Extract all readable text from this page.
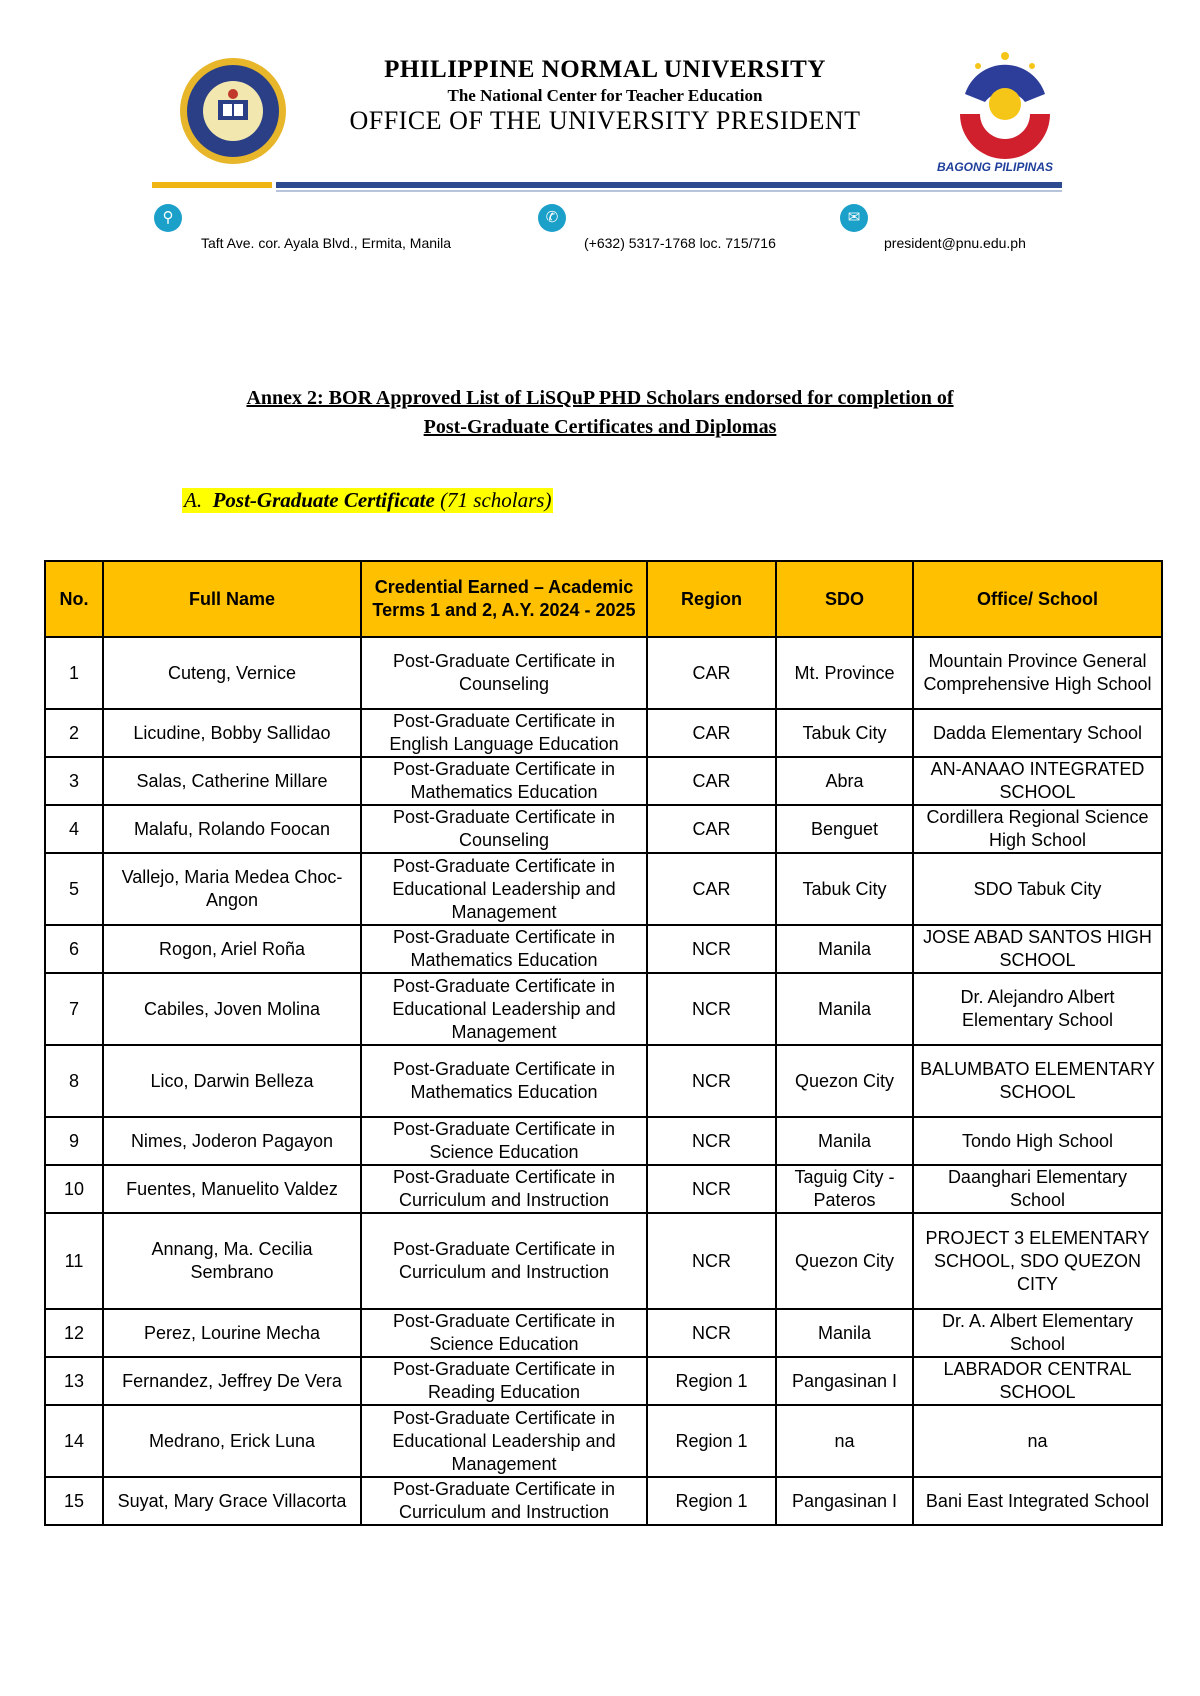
PHILIPPINE NORMAL UNIVERSITY
The National Center for Teacher Education
OFFICE OF THE UNIVERSITY PRESIDENT
BAGONG PILIPINAS
⚲	✆	✉
Taft Ave. cor. Ayala Blvd., Ermita, Manila	(+632) 5317-1768 loc. 715/716	president@pnu.edu.ph
Annex 2: BOR Approved List of LiSQuP PHD Scholars endorsed for completion of
Post-Graduate Certificates and Diplomas
A. Post-Graduate Certificate (71 scholars)
No.	Full Name	Credential Earned – Academic Terms 1 and 2, A.Y. 2024 - 2025	Region	SDO	Office/ School
1	Cuteng, Vernice	Post-Graduate Certificate in Counseling	CAR	Mt. Province	Mountain Province General Comprehensive High School
2	Licudine, Bobby Sallidao	Post-Graduate Certificate in English Language Education	CAR	Tabuk City	Dadda Elementary School
3	Salas, Catherine Millare	Post-Graduate Certificate in Mathematics Education	CAR	Abra	AN-ANAAO INTEGRATED SCHOOL
4	Malafu, Rolando Foocan	Post-Graduate Certificate in Counseling	CAR	Benguet	Cordillera Regional Science High School
5	Vallejo, Maria Medea Choc-Angon	Post-Graduate Certificate in Educational Leadership and Management	CAR	Tabuk City	SDO Tabuk City
6	Rogon, Ariel Roña	Post-Graduate Certificate in Mathematics Education	NCR	Manila	JOSE ABAD SANTOS HIGH SCHOOL
7	Cabiles, Joven Molina	Post-Graduate Certificate in Educational Leadership and Management	NCR	Manila	Dr. Alejandro Albert Elementary School
8	Lico, Darwin Belleza	Post-Graduate Certificate in Mathematics Education	NCR	Quezon City	BALUMBATO ELEMENTARY SCHOOL
9	Nimes, Joderon Pagayon	Post-Graduate Certificate in Science Education	NCR	Manila	Tondo High School
10	Fuentes, Manuelito Valdez	Post-Graduate Certificate in Curriculum and Instruction	NCR	Taguig City - Pateros	Daanghari Elementary School
11	Annang, Ma. Cecilia Sembrano	Post-Graduate Certificate in Curriculum and Instruction	NCR	Quezon City	PROJECT 3 ELEMENTARY SCHOOL, SDO QUEZON CITY
12	Perez, Lourine Mecha	Post-Graduate Certificate in Science Education	NCR	Manila	Dr. A. Albert Elementary School
13	Fernandez, Jeffrey De Vera	Post-Graduate Certificate in Reading Education	Region 1	Pangasinan I	LABRADOR CENTRAL SCHOOL
14	Medrano, Erick Luna	Post-Graduate Certificate in Educational Leadership and Management	Region 1	na	na
15	Suyat, Mary Grace Villacorta	Post-Graduate Certificate in Curriculum and Instruction	Region 1	Pangasinan I	Bani East Integrated School
